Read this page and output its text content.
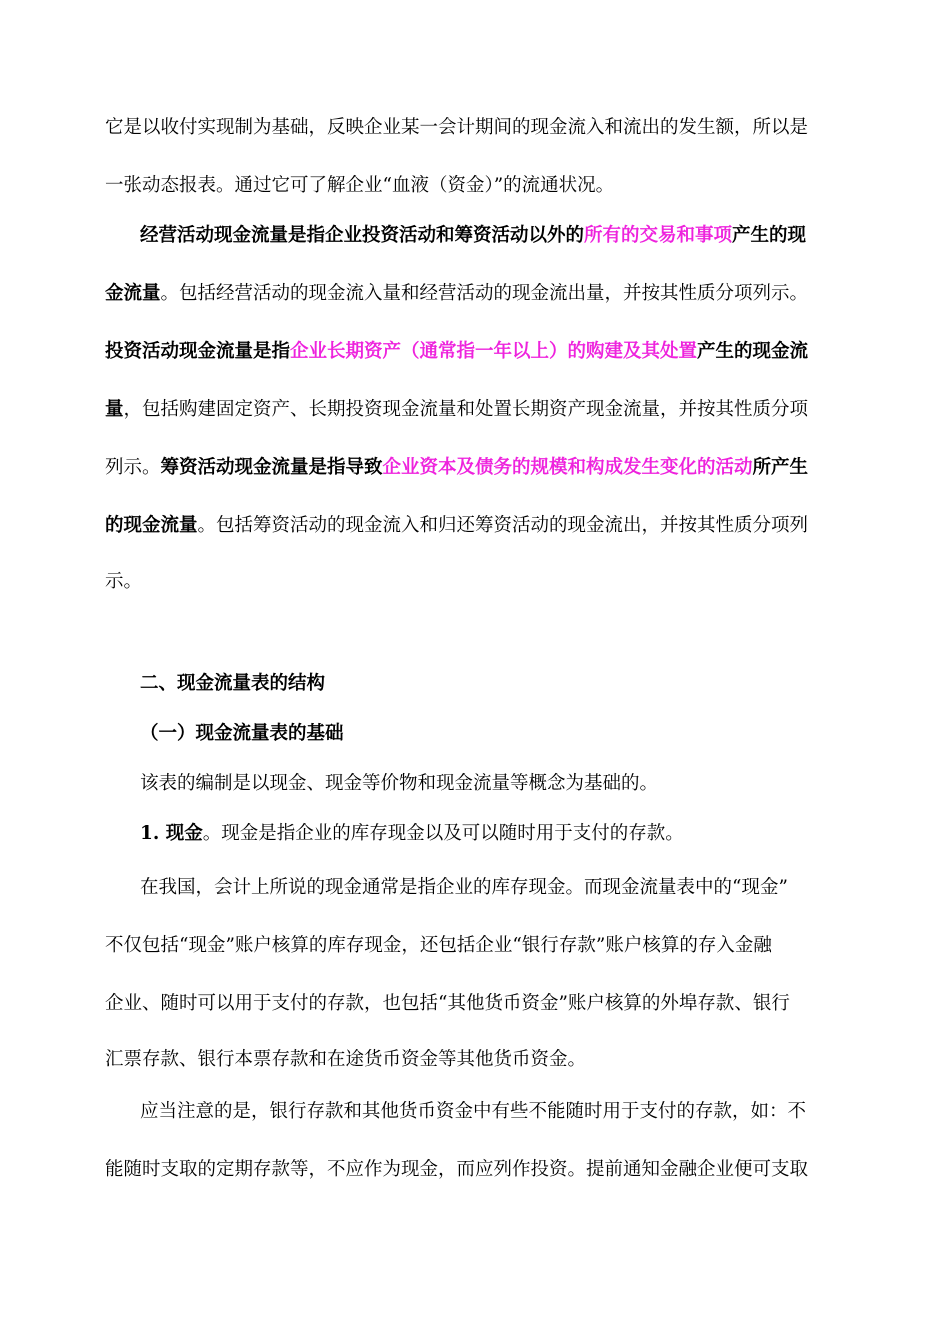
它是以收付实现制为基础，反映企业某一会计期间的现金流入和流出的发生额，所以是
一张动态报表。通过它可了解企业“血液（资金）”的流通状况。
经营活动现金流量是指企业投资活动和筹资活动以外的所有的交易和事项产生的现
金流量。包括经营活动的现金流入量和经营活动的现金流出量，并按其性质分项列示。
投资活动现金流量是指企业长期资产（通常指一年以上）的购建及其处置产生的现金流
量，包括购建固定资产、长期投资现金流量和处置长期资产现金流量，并按其性质分项
列示。筹资活动现金流量是指导致企业资本及债务的规模和构成发生变化的活动所产生
的现金流量。包括筹资活动的现金流入和归还筹资活动的现金流出，并按其性质分项列
示。
二、现金流量表的结构
（一）现金流量表的基础
该表的编制是以现金、现金等价物和现金流量等概念为基础的。
1. 现金。现金是指企业的库存现金以及可以随时用于支付的存款。
在我国，会计上所说的现金通常是指企业的库存现金。而现金流量表中的“现金”
不仅包括“现金”账户核算的库存现金，还包括企业“银行存款”账户核算的存入金融
企业、随时可以用于支付的存款，也包括“其他货币资金”账户核算的外埠存款、银行
汇票存款、银行本票存款和在途货币资金等其他货币资金。
应当注意的是，银行存款和其他货币资金中有些不能随时用于支付的存款，如：不
能随时支取的定期存款等，不应作为现金，而应列作投资。提前通知金融企业便可支取
